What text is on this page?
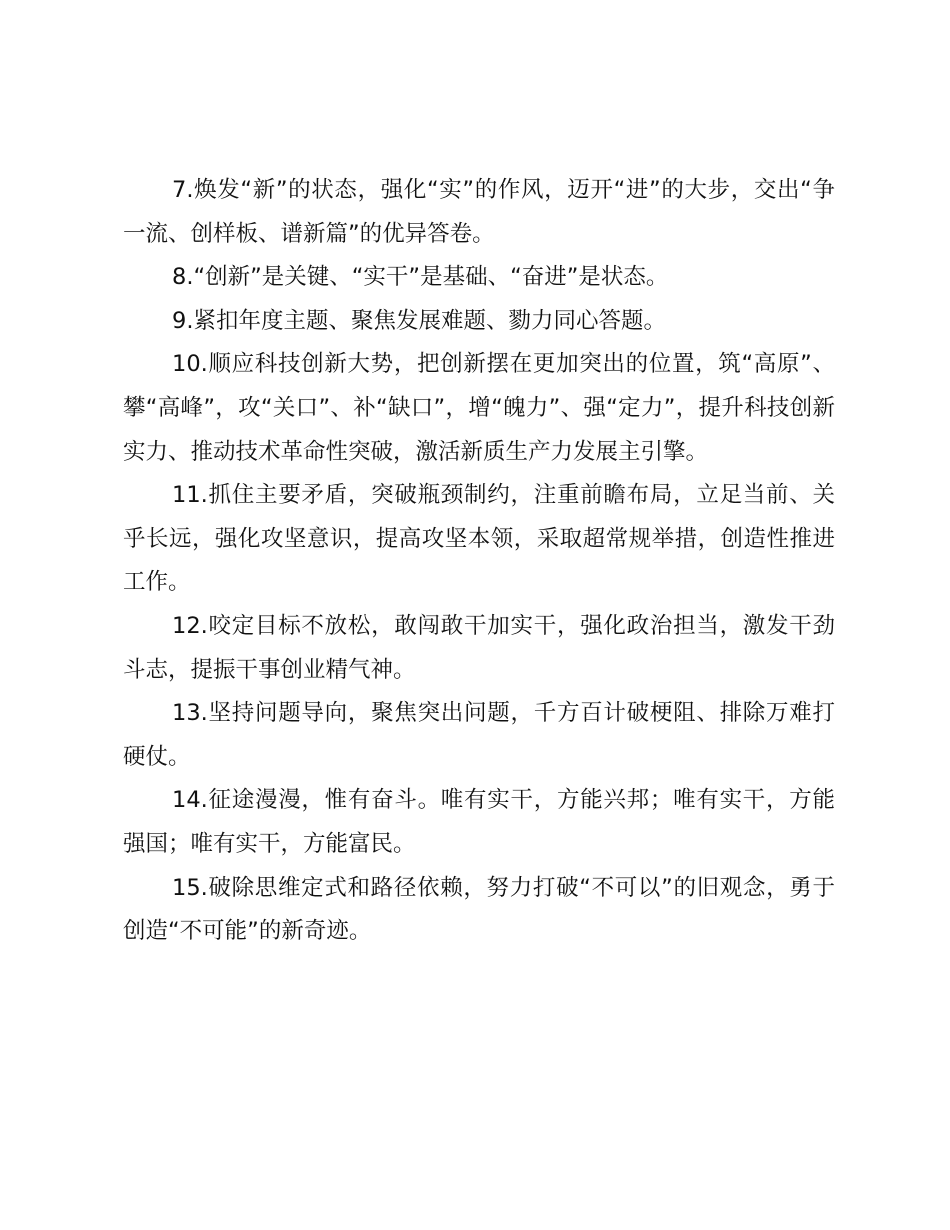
7.焕发“新”的状态，强化“实”的作风，迈开“进”的大步，交出“争一流、创样板、谱新篇”的优异答卷。

8.“创新”是关键、“实干”是基础、“奋进”是状态。

9.紧扣年度主题、聚焦发展难题、勠力同心答题。

10.顺应科技创新大势，把创新摆在更加突出的位置，筑“高原”、攀“高峰”，攻“关口”、补“缺口”，增“魄力”、强“定力”，提升科技创新实力、推动技术革命性突破，激活新质生产力发展主引擎。

11.抓住主要矛盾，突破瓶颈制约，注重前瞻布局，立足当前、关乎长远，强化攻坚意识，提高攻坚本领，采取超常规举措，创造性推进工作。

12.咬定目标不放松，敢闯敢干加实干，强化政治担当，激发干劲斗志，提振干事创业精气神。

13.坚持问题导向，聚焦突出问题，千方百计破梗阻、排除万难打硬仗。

14.征途漫漫，惟有奋斗。唯有实干，方能兴邦；唯有实干，方能强国；唯有实干，方能富民。

15.破除思维定式和路径依赖，努力打破“不可以”的旧观念，勇于创造“不可能”的新奇迹。
